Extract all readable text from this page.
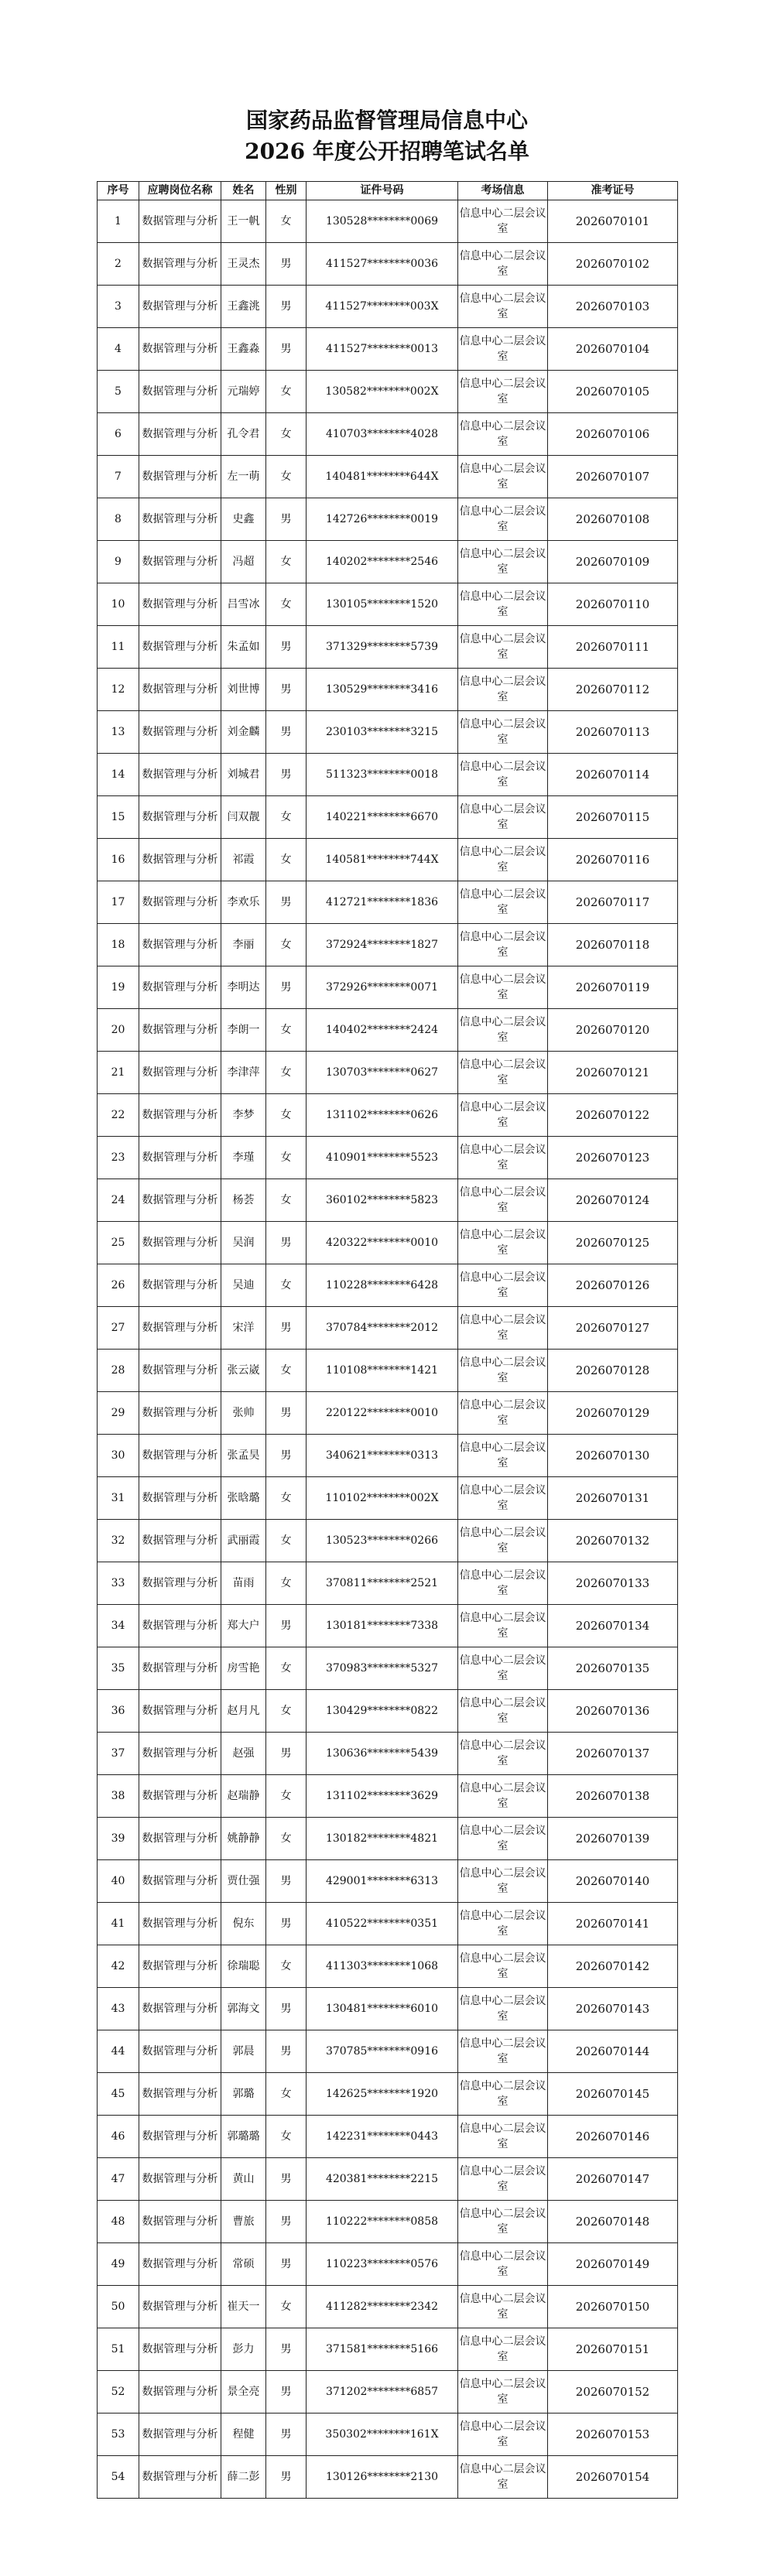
国家药品监督管理局信息中心
2026 年度公开招聘笔试名单
序号	应聘岗位名称	姓名	性别	证件号码	考场信息	准考证号
1	数据管理与分析	王一帆	女	130528********0069	信息中心二层会议室	2026070101
2	数据管理与分析	王灵杰	男	411527********0036	信息中心二层会议室	2026070102
3	数据管理与分析	王鑫洮	男	411527********003X	信息中心二层会议室	2026070103
4	数据管理与分析	王鑫淼	男	411527********0013	信息中心二层会议室	2026070104
5	数据管理与分析	元瑞婷	女	130582********002X	信息中心二层会议室	2026070105
6	数据管理与分析	孔令君	女	410703********4028	信息中心二层会议室	2026070106
7	数据管理与分析	左一萌	女	140481********644X	信息中心二层会议室	2026070107
8	数据管理与分析	史鑫	男	142726********0019	信息中心二层会议室	2026070108
9	数据管理与分析	冯超	女	140202********2546	信息中心二层会议室	2026070109
10	数据管理与分析	吕雪冰	女	130105********1520	信息中心二层会议室	2026070110
11	数据管理与分析	朱孟如	男	371329********5739	信息中心二层会议室	2026070111
12	数据管理与分析	刘世博	男	130529********3416	信息中心二层会议室	2026070112
13	数据管理与分析	刘金麟	男	230103********3215	信息中心二层会议室	2026070113
14	数据管理与分析	刘城君	男	511323********0018	信息中心二层会议室	2026070114
15	数据管理与分析	闫双靓	女	140221********6670	信息中心二层会议室	2026070115
16	数据管理与分析	祁霞	女	140581********744X	信息中心二层会议室	2026070116
17	数据管理与分析	李欢乐	男	412721********1836	信息中心二层会议室	2026070117
18	数据管理与分析	李丽	女	372924********1827	信息中心二层会议室	2026070118
19	数据管理与分析	李明达	男	372926********0071	信息中心二层会议室	2026070119
20	数据管理与分析	李朗一	女	140402********2424	信息中心二层会议室	2026070120
21	数据管理与分析	李津萍	女	130703********0627	信息中心二层会议室	2026070121
22	数据管理与分析	李梦	女	131102********0626	信息中心二层会议室	2026070122
23	数据管理与分析	李瑾	女	410901********5523	信息中心二层会议室	2026070123
24	数据管理与分析	杨荟	女	360102********5823	信息中心二层会议室	2026070124
25	数据管理与分析	吴润	男	420322********0010	信息中心二层会议室	2026070125
26	数据管理与分析	吴迪	女	110228********6428	信息中心二层会议室	2026070126
27	数据管理与分析	宋洋	男	370784********2012	信息中心二层会议室	2026070127
28	数据管理与分析	张云崴	女	110108********1421	信息中心二层会议室	2026070128
29	数据管理与分析	张帅	男	220122********0010	信息中心二层会议室	2026070129
30	数据管理与分析	张孟昊	男	340621********0313	信息中心二层会议室	2026070130
31	数据管理与分析	张晗璐	女	110102********002X	信息中心二层会议室	2026070131
32	数据管理与分析	武丽霞	女	130523********0266	信息中心二层会议室	2026070132
33	数据管理与分析	苗雨	女	370811********2521	信息中心二层会议室	2026070133
34	数据管理与分析	郑大户	男	130181********7338	信息中心二层会议室	2026070134
35	数据管理与分析	房雪艳	女	370983********5327	信息中心二层会议室	2026070135
36	数据管理与分析	赵月凡	女	130429********0822	信息中心二层会议室	2026070136
37	数据管理与分析	赵强	男	130636********5439	信息中心二层会议室	2026070137
38	数据管理与分析	赵瑞静	女	131102********3629	信息中心二层会议室	2026070138
39	数据管理与分析	姚静静	女	130182********4821	信息中心二层会议室	2026070139
40	数据管理与分析	贾仕强	男	429001********6313	信息中心二层会议室	2026070140
41	数据管理与分析	倪东	男	410522********0351	信息中心二层会议室	2026070141
42	数据管理与分析	徐瑞聪	女	411303********1068	信息中心二层会议室	2026070142
43	数据管理与分析	郭海文	男	130481********6010	信息中心二层会议室	2026070143
44	数据管理与分析	郭晨	男	370785********0916	信息中心二层会议室	2026070144
45	数据管理与分析	郭璐	女	142625********1920	信息中心二层会议室	2026070145
46	数据管理与分析	郭璐璐	女	142231********0443	信息中心二层会议室	2026070146
47	数据管理与分析	黄山	男	420381********2215	信息中心二层会议室	2026070147
48	数据管理与分析	曹旅	男	110222********0858	信息中心二层会议室	2026070148
49	数据管理与分析	常硕	男	110223********0576	信息中心二层会议室	2026070149
50	数据管理与分析	崔天一	女	411282********2342	信息中心二层会议室	2026070150
51	数据管理与分析	彭力	男	371581********5166	信息中心二层会议室	2026070151
52	数据管理与分析	景全亮	男	371202********6857	信息中心二层会议室	2026070152
53	数据管理与分析	程健	男	350302********161X	信息中心二层会议室	2026070153
54	数据管理与分析	薛二彭	男	130126********2130	信息中心二层会议室	2026070154
